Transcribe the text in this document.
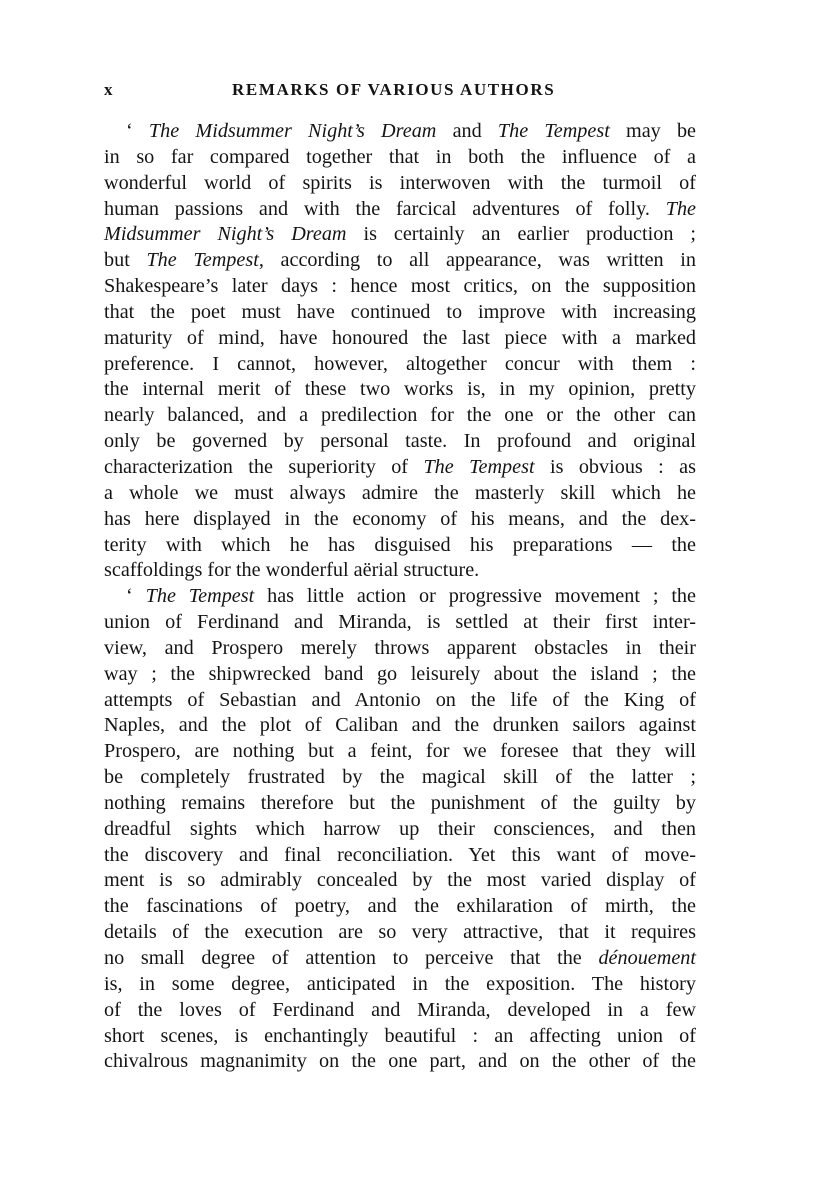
x	REMARKS OF VARIOUS AUTHORS
‘ The Midsummer Night’s Dream and The Tempest may be
in so far compared together that in both the influence of a
wonderful world of spirits is interwoven with the turmoil of
human passions and with the farcical adventures of folly. The
Midsummer Night’s Dream is certainly an earlier production ;
but The Tempest, according to all appearance, was written in
Shakespeare’s later days : hence most critics, on the supposition
that the poet must have continued to improve with increasing
maturity of mind, have honoured the last piece with a marked
preference. I cannot, however, altogether concur with them :
the internal merit of these two works is, in my opinion, pretty
nearly balanced, and a predilection for the one or the other can
only be governed by personal taste. In profound and original
characterization the superiority of The Tempest is obvious : as
a whole we must always admire the masterly skill which he
has here displayed in the economy of his means, and the dex-
terity with which he has disguised his preparations — the
scaffoldings for the wonderful aërial structure.
‘ The Tempest has little action or progressive movement ; the
union of Ferdinand and Miranda, is settled at their first inter-
view, and Prospero merely throws apparent obstacles in their
way ; the shipwrecked band go leisurely about the island ; the
attempts of Sebastian and Antonio on the life of the King of
Naples, and the plot of Caliban and the drunken sailors against
Prospero, are nothing but a feint, for we foresee that they will
be completely frustrated by the magical skill of the latter ;
nothing remains therefore but the punishment of the guilty by
dreadful sights which harrow up their consciences, and then
the discovery and final reconciliation. Yet this want of move-
ment is so admirably concealed by the most varied display of
the fascinations of poetry, and the exhilaration of mirth, the
details of the execution are so very attractive, that it requires
no small degree of attention to perceive that the dénouement
is, in some degree, anticipated in the exposition. The history
of the loves of Ferdinand and Miranda, developed in a few
short scenes, is enchantingly beautiful : an affecting union of
chivalrous magnanimity on the one part, and on the other of the
